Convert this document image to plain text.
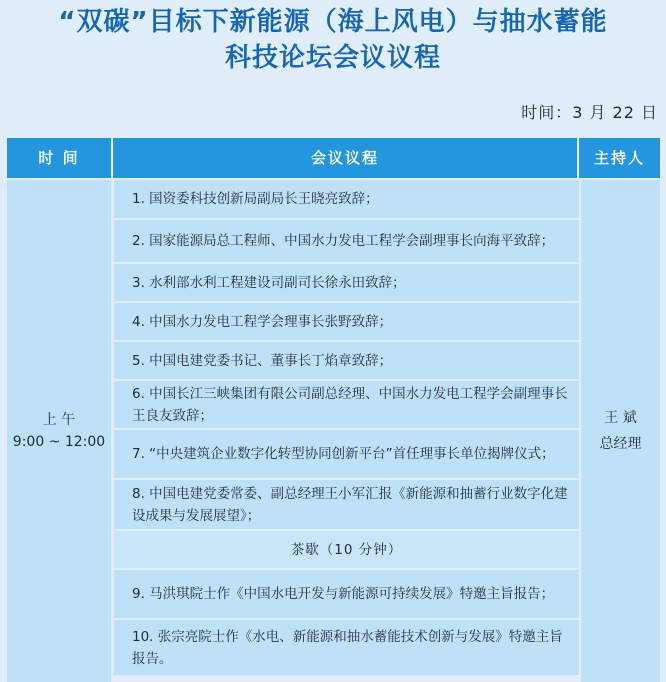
“双碳”目标下新能源（海上风电）与抽水蓄能
科技论坛会议议程
时间：3 月 22 日
时 间	会议议程	主持人
上 午
9:00 ~ 12:00
1. 国资委科技创新局副局长王晓亮致辞；
2. 国家能源局总工程师、中国水力发电工程学会副理事长向海平致辞；
3. 水利部水利工程建设司副司长徐永田致辞；
4. 中国水力发电工程学会理事长张野致辞；
5. 中国电建党委书记、董事长丁焰章致辞；
6. 中国长江三峡集团有限公司副总经理、中国水力发电工程学会副理事长王良友致辞；
7. “中央建筑企业数字化转型协同创新平台”首任理事长单位揭牌仪式；
8. 中国电建党委常委、副总经理王小军汇报《新能源和抽蓄行业数字化建设成果与发展展望》；
茶歇（10 分钟）
9. 马洪琪院士作《中国水电开发与新能源可持续发展》特邀主旨报告；
10. 张宗亮院士作《水电、新能源和抽水蓄能技术创新与发展》特邀主旨报告。
王 斌
总经理
